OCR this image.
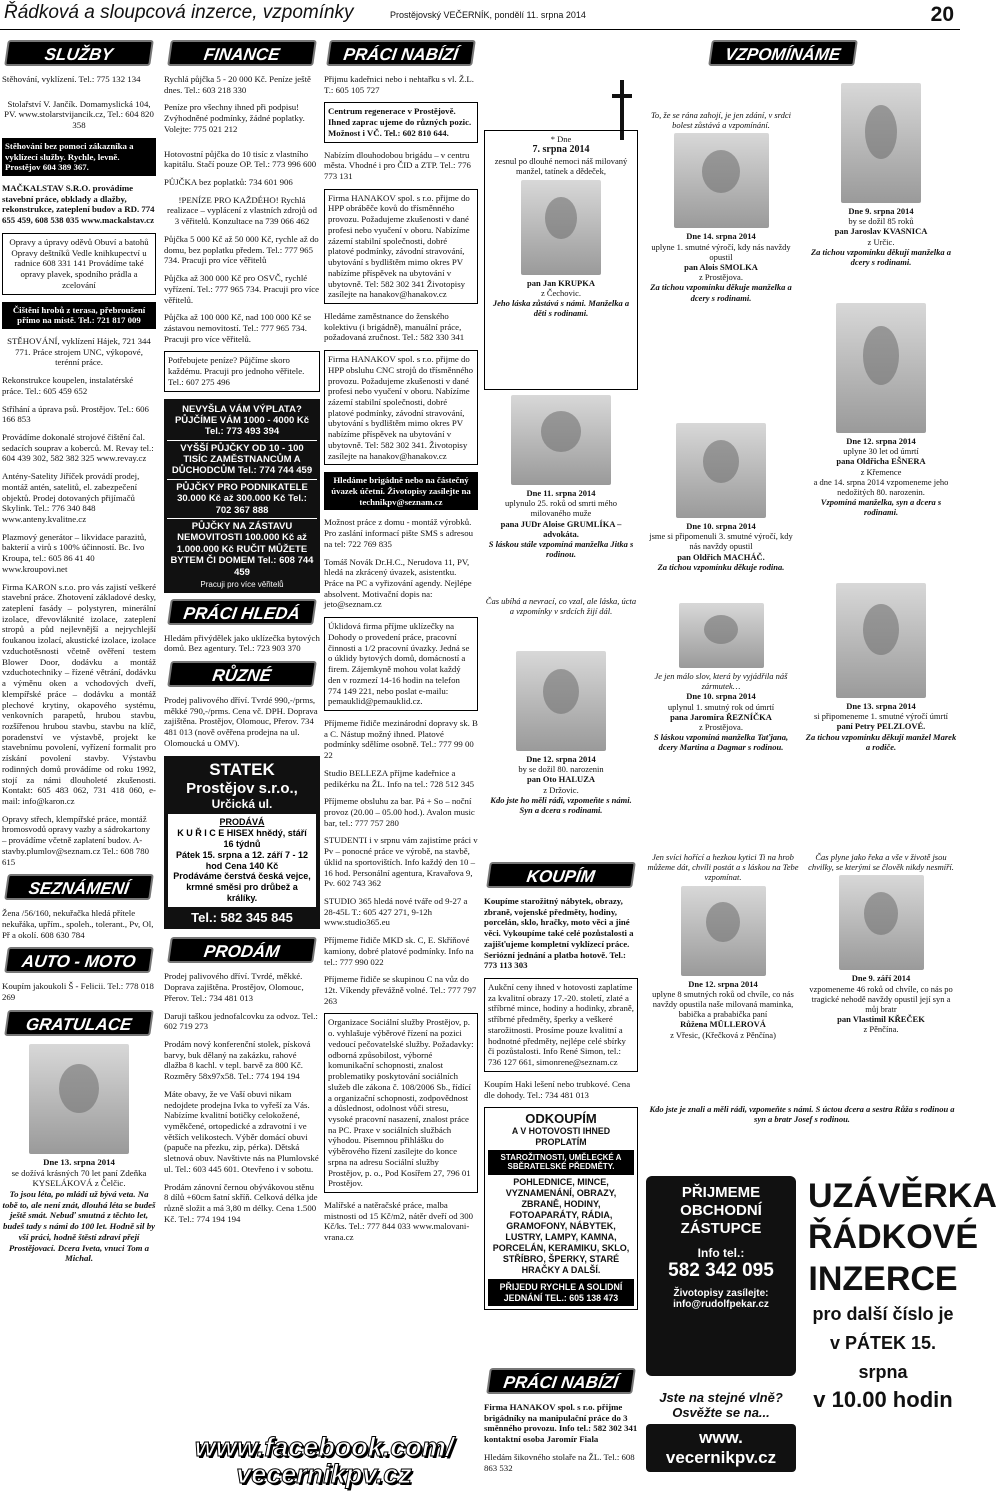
Řádková a sloupcová inzerce, vzpomínky	Prostějovský VEČERNÍK, pondělí 11. srpna 2014	20
SLUŽBY

Stěhování, vyklízení. Tel.: 775 132 134

Stolařství V. Jančík. Domamyslická 104, PV. www.stolarstvijancik.cz, Tel.: 604 820 358

Stěhování bez pomoci zákazníka a vyklízecí služby. Rychle, levně. Prostějov 604 389 367.

MAČKALSTAV S.R.O. provádíme stavební práce, obklady a dlažby, rekonstrukce, zateplení budov a RD. 774 655 459, 608 538 035 www.mackalstav.cz

Opravy a úpravy oděvů Obuví a batohů Opravy deštníků Vedle knihkupectví u radnice 608 331 141 Provádíme také opravy plavek, spodního prádla a zcelování
Čištění hrobů z terasa, přebroušení přímo na místě. Tel.: 721 817 009

STĚHOVÁNÍ, vyklízení Hájek, 721 344 771. Práce strojem UNC, výkopové, terénní práce.

Rekonstrukce koupelen, instalatérské práce. Tel.: 605 459 652

Stříhání a úprava psů. Prostějov. Tel.: 606 166 853

Provádíme dokonalé strojové čištění čal. sedacích souprav a koberců. M. Revay tel.: 604 439 302, 582 382 325 www.revay.cz

Antény-Satelity Jiříček provádí prodej, montáž antén, satelitů, el. zabezpečení objektů. Prodej dotovaných přijímačů Skylink. Tel.: 776 340 848 www.anteny.kvalitne.cz

Plazmový generátor – likvidace parazitů, bakterií a virů s 100% účinností. Bc. Ivo Kroupa, tel.: 605 86 41 40 www.kroupovi.net

Firma KARON s.r.o. pro vás zajistí veškeré stavební práce. Zhotovení základové desky, zateplení fasády – polystyren, minerální izolace, dřevovláknité izolace, zateplení stropů a půd nejlevnější a nejrychlejší foukanou izolací, akustické izolace, izolace vzduchotěsnosti včetně ověření testem Blower Door, dodávku a montáž vzduchotechniky – řízené větrání, dodávku a výměnu oken a vchodových dveří, klempířské práce – dodávku a montáž plechové krytiny, okapového systému, venkovních parapetů, hrubou stavbu, rozšířenou hrubou stavbu, stavbu na klíč, poradenství ve výstavbě, projekt ke stavebnímu povolení, vyřízení formalit pro získání povolení stavby. Výstavbu rodinných domů provádíme od roku 1992, stojí za námi dlouholeté zkušenosti. Kontakt: 605 483 062, 731 418 060, e-mail: info@karon.cz

Opravy střech, klempířské práce, montáž hromosvodů opravy vazby a sádrokartony – provádíme včetně zaplatení budov. A-stavby.plumlov@seznam.cz Tel.: 608 780 615

SEZNÁMENÍ

Žena /56/160, nekuřačka hledá přítele nekuřáka, upřím., spoleh., tolerant., Pv, Ol, Př a okolí. 608 630 784

AUTO - MOTO

Koupím jakoukoli Š - Felicii. Tel.: 778 018 269

GRATULACE
Dne 13. srpna 2014
se dožívá krásných 70 let paní Zdeňka KYSELÁKOVÁ z Čelčic.
To jsou léta, po mládí už bývá veta. Na tobě to, ale není znát, dlouhá léta se budeš ještě smát. Nebuď smutná z těchto let, budeš tady s námi do 100 let. Hodně sil by vší práci, hodně štěstí zdraví přejí Prostějovací. Dcera Iveta, vnuci Tom a Michal.
FINANCE

Rychlá půjčka 5 - 20 000 Kč. Peníze ještě dnes. Tel.: 603 218 330

Peníze pro všechny ihned při podpisu! Zvýhodněné podmínky, žádné poplatky. Volejte: 775 021 212

Hotovostní půjčka do 10 tisíc z vlastního kapitálu. Stačí pouze OP. Tel.: 773 996 600

PŮJČKA bez poplatků: 734 601 906

!PENÍZE PRO KAŽDÉHO! Rychlá realizace – vyplácení z vlastních zdrojů od 3 věřitelů. Konzultace na 739 066 462

Půjčka 5 000 Kč až 50 000 Kč, rychle až do domu, bez poplatku předem. Tel.: 777 965 734. Pracuji pro více věřitelů

Půjčka až 300 000 Kč pro OSVČ, rychlé vyřízení. Tel.: 777 965 734. Pracuji pro více věřitelů.

Půjčka až 100 000 Kč, nad 100 000 Kč se zástavou nemovitostí. Tel.: 777 965 734. Pracuji pro více věřitelů.

Potřebujete peníze? Půjčíme skoro každému. Pracuji pro jednoho věřitele. Tel.: 607 275 496
NEVYŠLA VÁM VÝPLATA? PŮJČÍME VÁM 1000 - 4000 Kč Tel.: 773 493 394
VYŠŠÍ PŮJČKY OD 10 - 100 TISÍC ZAMĚSTNANCŮM A DŮCHODCŮM Tel.: 774 744 459
PŮJČKY PRO PODNIKATELE 30.000 Kč až 300.000 Kč Tel.: 702 367 888
PŮJČKY NA ZÁSTAVU NEMOVITOSTI 100.000 Kč až 1.000.000 Kč RUČIT MŮŽETE BYTEM ČI DOMEM Tel.: 608 744 459
Pracuji pro více věřitelů
PRÁCI HLEDÁ

Hledám přivýdělek jako uklízečka bytových domů. Bez agentury. Tel.: 723 903 370

RŮZNÉ

Prodej palivového dříví. Tvrdé 990,-/prms, měkké 790,-/prms. Cena vč. DPH. Doprava zajištěna. Prostějov, Olomouc, Přerov. 734 481 013 (nově ověřena prodejna na ul. Olomoucká u OMV).

STATEK
Prostějov s.r.o.,
Určická ul.
PRODÁVÁ
K U Ř I C E HISEX hnědý, stáří 16 týdnů
Pátek 15. srpna a 12. září 7 - 12 hod Cena 140 Kč
Prodáváme čerstvá česká vejce, krmné směsi pro drůbež a králíky.
Tel.: 582 345 845
PRODÁM

Prodej palivového dříví. Tvrdé, měkké. Doprava zajištěna. Prostějov, Olomouc, Přerov. Tel.: 734 481 013

Daruji taškou jednofalcovku za odvoz. Tel.: 602 719 273

Prodám nový konferenční stolek, písková barvy, buk dělaný na zakázku, rahové dlažba 8 kachl. v tepl. barvě za 800 Kč. Rozměry 58x97x58. Tel.: 774 194 194

Máte obavy, že ve Vaší obuvi nikam nedojdete prodejna Ivka to vyřeší za Vás. Nabízíme kvalitní botičky celokožené, vyměkčené, ortopedické a zdravotní i ve větších velikostech. Výběr domácí obuvi (papuče na přezku, zip, pérka). Dětská sletnová obuv. Navštivte nás na Plumlovské ul. Tel.: 603 445 601. Otevřeno i v sobotu.

Prodám zánovní černou obývákovou stěnu 8 dílů +60cm šatní skříň. Celková délka jde různě složit a má 3,80 m délky. Cena 1.500 Kč. Tel.: 774 194 194

PRÁCI NABÍZÍ

Přijmu kadeřnici nebo i nehtařku s vl. Ž.L. T.: 605 105 727

Centrum regenerace v Prostějově. Ihned zaprac ujeme do různých pozic. Možnost i VČ. Tel.: 602 810 644.

Nabízím dlouhodobou brigádu – v centru města. Vhodné i pro ČID a ZTP. Tel.: 776 773 131

Firma HANAKOV spol. s r.o. přijme do HPP obráběče kovů do třísměnného provozu. Požadujeme zkušenosti v dané profesi nebo vyučení v oboru. Nabízíme zázemí stabilní společnosti, dobré platové podmínky, závodní stravování, ubytování s bydlištěm mimo okres PV nabízíme příspěvek na ubytování v ubytovně. Tel: 582 302 341 Životopisy zasílejte na hanakov@hanakov.cz

Hledáme zaměstnance do ženského kolektivu (i brigádně), manuální práce, požadovaná zručnost. Tel.: 582 330 341

Firma HANAKOV spol. s r.o. přijme do HPP obsluhu CNC strojů do třísměnného provozu. Požadujeme zkušenosti v dané profesi nebo vyučení v oboru. Nabízíme zázemí stabilní společnosti, dobré platové podmínky, závodní stravování, ubytování s bydlištěm mimo okres PV nabízíme příspěvek na ubytování v ubytovně. Tel: 582 302 341. Životopisy zasílejte na hanakov@hanakov.cz
Hledáme brigádně nebo na částečný úvazek účetní. Životopisy zasílejte na technikpv@seznam.cz

Možnost práce z domu - montáž výrobků. Pro zaslání informací pište SMS s adresou na tel: 722 769 835

Tomáš Novák Dr.H.C., Nerudova 11, PV, hledá na zkrácený úvazek, asistentku. Práce na PC a vyřizování agendy. Nejlépe absolvent. Motivační dopis na: jeto@seznam.cz

Úklidová firma příjme uklízečky na Dohody o provedení práce, pracovní činnosti a 1/2 pracovní úvazky. Jedná se o úklidy bytových domů, domácností a firem. Zájemkyně mohou volat každý den v rozmezí 14-16 hodin na telefon 774 149 221, nebo poslat e-mailu: pemauklid@pemauklid.cz.

Příjmeme řidiče mezinárodní dopravy sk. B a C. Nástup možný ihned. Platové podmínky sdělíme osobně. Tel.: 777 99 00 22

Studio BELLEZA příjme kadeřnice a pedikérku na ŽL. Info na tel.: 728 512 345

Příjmeme obsluhu za bar. Pá + So – noční provoz (20.00 – 05.00 hod.). Avalon music bar, tel.: 777 757 280

STUDENTI i v srpnu vám zajistíme práci v Pv – ponocné práce ve výrobě, na stavbě, úklid na sportovištích. Info každý den 10 – 16 hod. Personální agentura, Kravařova 9, Pv. 602 743 362

STUDIO 365 hledá nové tváře od 9-27 a 28-45L T.: 605 427 271, 9-12h www.studio365.eu

Příjmeme řidiče MKD sk. C, E. Skříňové kamiony, dobré platové podmínky. Info na tel.: 777 990 022

Příjmeme řidiče se skupinou C na vůz do 12t. Víkendy převážně volné. Tel.: 777 797 263

Organizace Sociální služby Prostějov, p. o. vyhlašuje výběrové řízení na pozici vedoucí pečovatelské služby. Požadavky: odborná způsobilost, výborné komunikační schopnosti, znalost problematiky poskytování sociálních služeb dle zákona č. 108/2006 Sb., řídící a organizační schopnosti, zodpovědnost a důslednost, odolnost vůči stresu, vysoké pracovní nasazení, znalost práce na PC. Praxe v sociálních službách výhodou. Písemnou přihlášku do výběrového řízení zasílejte do konce srpna na adresu Sociální služby Prostějov, p. o., Pod Kosířem 27, 796 01 Prostějov.

Malířské a natěračské práce, malba mistnosti od 15 Kč/m2, nátěr dveří od 300 Kč/ks. Tel.: 777 844 033 www.malovani-vrana.cz

PRÁCI NABÍZÍ

Firma HANAKOV spol. s r.o. přijme brigádníky na manipulační práce do 3 směnného provozu. Info tel.: 582 302 341 kontaktní osoba Jaromír Fiala

Hledám šikovného stolaře na ŽL. Tel.: 608 863 532

KOUPÍM

Koupíme starožitný nábytek, obrazy, zbraně, vojenské předměty, hodiny, porcelán, sklo, hračky, moto věci a jiné věci. Vykoupíme také celé pozůstalosti a zajišťujeme kompletní vyklízecí práce. Seriózní jednání a platba hotově. Tel.: 773 113 303

Aukční ceny ihned v hotovosti zaplatíme za kvalitní obrazy 17.-20. století, zlaté a stříbrné mince, hodiny a hodinky, zbraně, stříbrné předměty, šperky a veškeré starožitnosti. Prosíme pouze kvalitní a hodnotné předměty, nejlépe celé sbírky či pozůstalosti. Info René Simon, tel.: 736 127 661, simonrene@seznam.cz

Koupím Haki lešení nebo trubkové. Cena dle dohody. Tel.: 734 481 013

ODKOUPÍM
A V HOTOVOSTI IHNED PROPLATÍM
STAROŽITNOSTI, UMĚLECKÉ A SBĚRATELSKÉ PŘEDMĚTY.
POHLEDNICE, MINCE, VYZNAMENÁNÍ, OBRAZY, ZBRANĚ, HODINY, FOTOAPARÁTY, RÁDIA, GRAMOFONY, NÁBYTEK, LUSTRY, LAMPY, KAMNA, PORCELÁN, KERAMIKU, SKLO, STŘÍBRO, ŠPERKY, STARÉ HRAČKY A DALŠÍ.
PŘIJEDU RYCHLE A SOLIDNÍ JEDNÁNÍ TEL.: 605 138 473
VZPOMÍNÁME
* Dne
7. srpna 2014
zesnul po dlouhé nemoci náš milovaný manžel, tatínek a dědeček,
pan Jan KRUPKA
z Čechovic.
Jeho láska zůstává s námi. Manželka a děti s rodinami.
To, že se rána zahojí, je jen zdání, v srdci bolest zůstává a vzpomínání.
Dne 14. srpna 2014
uplyne 1. smutné výročí, kdy nás navždy opustil
pan Alois SMOLKA
z Prostějova.
Za tichou vzpomínku děkuje manželka a dcery s rodinami.
Dne 9. srpna 2014
by se dožil 85 roků
pan Jaroslav KVASNICA
z Určic.
Za tichou vzpomínku děkují manželka a dcery s rodinami.
Dne 11. srpna 2014
uplynulo 25. roků od smrti mého milovaného muže
pana JUDr Aloise GRUMLÍKA – advokáta.
S láskou stále vzpomíná manželka Jitka s rodinou.
Dne 10. srpna 2014
jsme si připomenuli 3. smutné výročí, kdy nás navždy opustil
pan Oldřich MACHÁČ.
Za tichou vzpomínku děkuje rodina.
Dne 12. srpna 2014
uplyne 30 let od úmrtí
pana Oldřicha EŠNERA
z Křemence
a dne 14. srpna 2014 vzpomeneme jeho nedožitých 80. narozenin.
Vzpomíná manželka, syn a dcera s rodinami.
Čas ubíhá a nevrací, co vzal, ale láska, úcta a vzpomínky v srdcích žijí dál.
Dne 12. srpna 2014
by se dožil 80. narozenin
pan Oto HALUZA
z Držovic.
Kdo jste ho měli rádi, vzpomeňte s námi. Syn a dcera s rodinami.
Je jen málo slov, která by vyjádřila náš zármutek…
Dne 10. srpna 2014
uplynul 1. smutný rok od úmrtí
pana Jaromíra ŘEZNÍČKA
z Prostějova.
S láskou vzpomíná manželka Taťjana, dcery Martina a Dagmar s rodinou.
Dne 13. srpna 2014
si připomeneme 1. smutné výročí úmrtí
paní Petry PELZLOVÉ.
Za tichou vzpomínku děkují manžel Marek a rodiče.
Jen svíci hořící a hezkou kytici Ti na hrob můžeme dát, chvíli postát a s láskou na Tebe vzpomínat.
Dne 12. srpna 2014
uplyne 8 smutných roků od chvíle, co nás navždy opustila naše milovaná maminka, babička a prababička paní
Růžena MÜLLEROVÁ
z Vřesic, (Křečková z Pěnčína)
Čas plyne jako řeka a vše v životě jsou chvilky, se kterými se člověk nikdy nesmíří.
Dne 9. září 2014
vzpomeneme 46 roků od chvíle, co nás po tragické nehodě navždy opustil její syn a můj bratr
pan Vlastimil KŘEČEK
z Pěnčína.
Kdo jste je znali a měli rádi, vzpomeňte s námi. S úctou dcera a sestra Růža s rodinou a syn a bratr Josef s rodinou.
PŘIJMEME OBCHODNÍ ZÁSTUPCE
Info tel.:
582 342 095
Životopisy zasílejte: info@rudolfpekar.cz
Jste na stejné vlně? Osvěžte se na...
www. vecernikpv.cz
www.facebook.com/
vecernikpv.cz
UZÁVĚRKA
ŘÁDKOVÉ
INZERCE
pro další číslo je
v PÁTEK 15. srpna
v 10.00 hodin
